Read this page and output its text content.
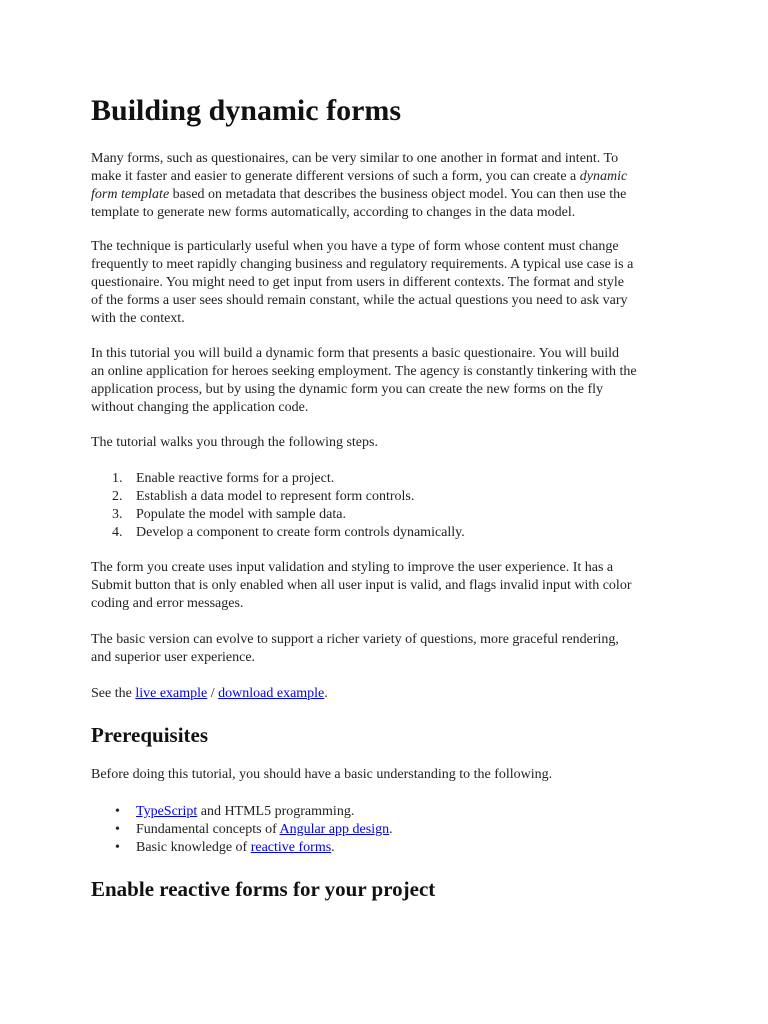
Building dynamic forms

Many forms, such as questionaires, can be very similar to one another in format and intent. To
make it faster and easier to generate different versions of such a form, you can create a dynamic
form template based on metadata that describes the business object model. You can then use the
template to generate new forms automatically, according to changes in the data model.

The technique is particularly useful when you have a type of form whose content must change
frequently to meet rapidly changing business and regulatory requirements. A typical use case is a
questionaire. You might need to get input from users in different contexts. The format and style
of the forms a user sees should remain constant, while the actual questions you need to ask vary
with the context.

In this tutorial you will build a dynamic form that presents a basic questionaire. You will build
an online application for heroes seeking employment. The agency is constantly tinkering with the
application process, but by using the dynamic form you can create the new forms on the fly
without changing the application code.

The tutorial walks you through the following steps.

1. Enable reactive forms for a project.
2. Establish a data model to represent form controls.
3. Populate the model with sample data.
4. Develop a component to create form controls dynamically.

The form you create uses input validation and styling to improve the user experience. It has a
Submit button that is only enabled when all user input is valid, and flags invalid input with color
coding and error messages.

The basic version can evolve to support a richer variety of questions, more graceful rendering,
and superior user experience.

See the live example / download example.

Prerequisites

Before doing this tutorial, you should have a basic understanding to the following.

• TypeScript and HTML5 programming.
• Fundamental concepts of Angular app design.
• Basic knowledge of reactive forms.
Enable reactive forms for your project
